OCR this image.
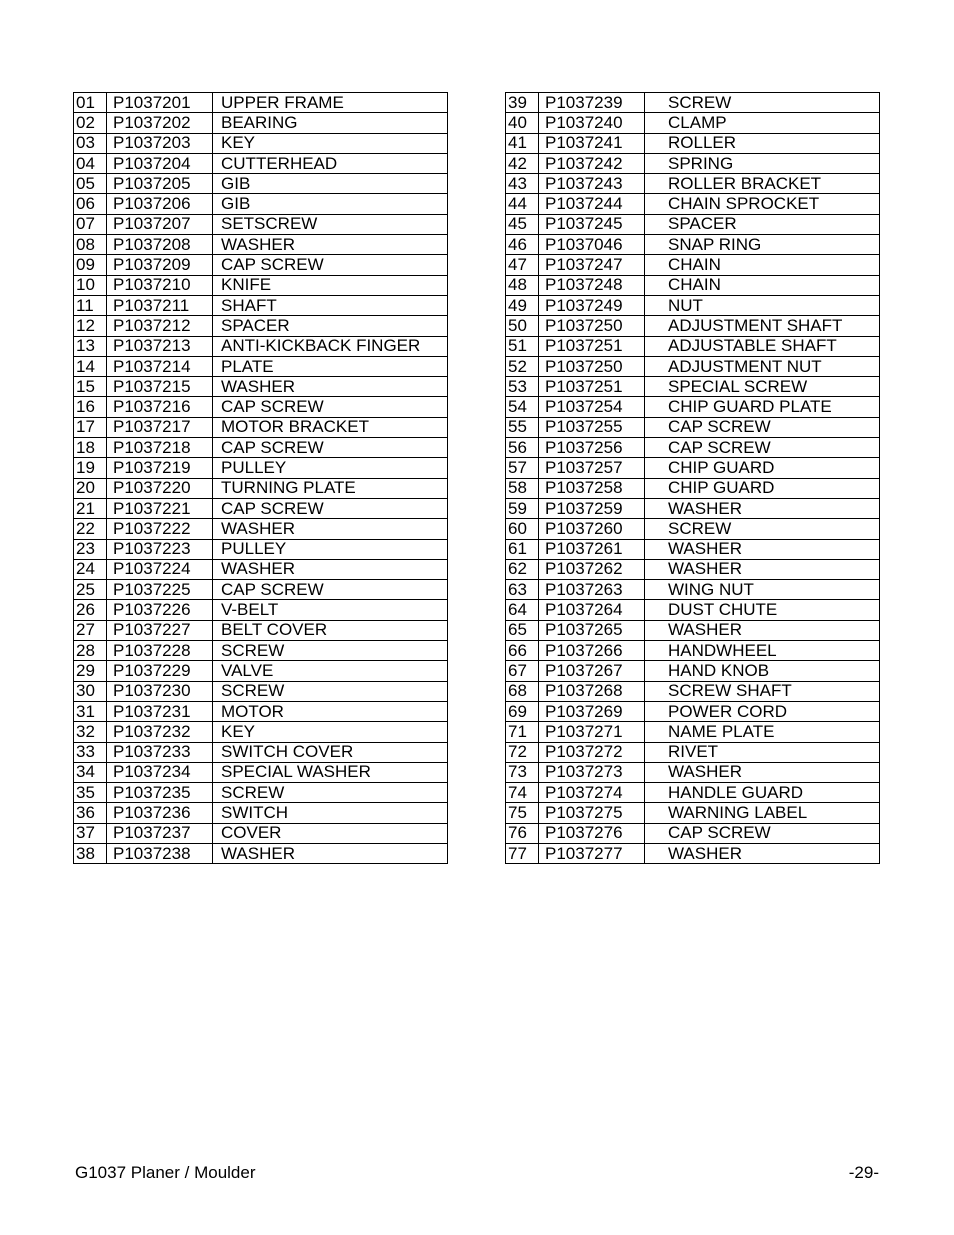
01	P1037201	UPPER FRAME
02	P1037202	BEARING
03	P1037203	KEY
04	P1037204	CUTTERHEAD
05	P1037205	GIB
06	P1037206	GIB
07	P1037207	SETSCREW
08	P1037208	WASHER
09	P1037209	CAP SCREW
10	P1037210	KNIFE
11	P1037211	SHAFT
12	P1037212	SPACER
13	P1037213	ANTI-KICKBACK FINGER
14	P1037214	PLATE
15	P1037215	WASHER
16	P1037216	CAP SCREW
17	P1037217	MOTOR BRACKET
18	P1037218	CAP SCREW
19	P1037219	PULLEY
20	P1037220	TURNING PLATE
21	P1037221	CAP SCREW
22	P1037222	WASHER
23	P1037223	PULLEY
24	P1037224	WASHER
25	P1037225	CAP SCREW
26	P1037226	V-BELT
27	P1037227	BELT COVER
28	P1037228	SCREW
29	P1037229	VALVE
30	P1037230	SCREW
31	P1037231	MOTOR
32	P1037232	KEY
33	P1037233	SWITCH COVER
34	P1037234	SPECIAL WASHER
35	P1037235	SCREW
36	P1037236	SWITCH
37	P1037237	COVER
38	P1037238	WASHER
39	P1037239	SCREW
40	P1037240	CLAMP
41	P1037241	ROLLER
42	P1037242	SPRING
43	P1037243	ROLLER BRACKET
44	P1037244	CHAIN SPROCKET
45	P1037245	SPACER
46	P1037046	SNAP RING
47	P1037247	CHAIN
48	P1037248	CHAIN
49	P1037249	NUT
50	P1037250	ADJUSTMENT SHAFT
51	P1037251	ADJUSTABLE SHAFT
52	P1037250	ADJUSTMENT NUT
53	P1037251	SPECIAL SCREW
54	P1037254	CHIP GUARD PLATE
55	P1037255	CAP SCREW
56	P1037256	CAP SCREW
57	P1037257	CHIP GUARD
58	P1037258	CHIP GUARD
59	P1037259	WASHER
60	P1037260	SCREW
61	P1037261	WASHER
62	P1037262	WASHER
63	P1037263	WING NUT
64	P1037264	DUST CHUTE
65	P1037265	WASHER
66	P1037266	HANDWHEEL
67	P1037267	HAND KNOB
68	P1037268	SCREW SHAFT
69	P1037269	POWER CORD
71	P1037271	NAME PLATE
72	P1037272	RIVET
73	P1037273	WASHER
74	P1037274	HANDLE GUARD
75	P1037275	WARNING LABEL
76	P1037276	CAP SCREW
77	P1037277	WASHER
G1037 Planer / Moulder	-29-
